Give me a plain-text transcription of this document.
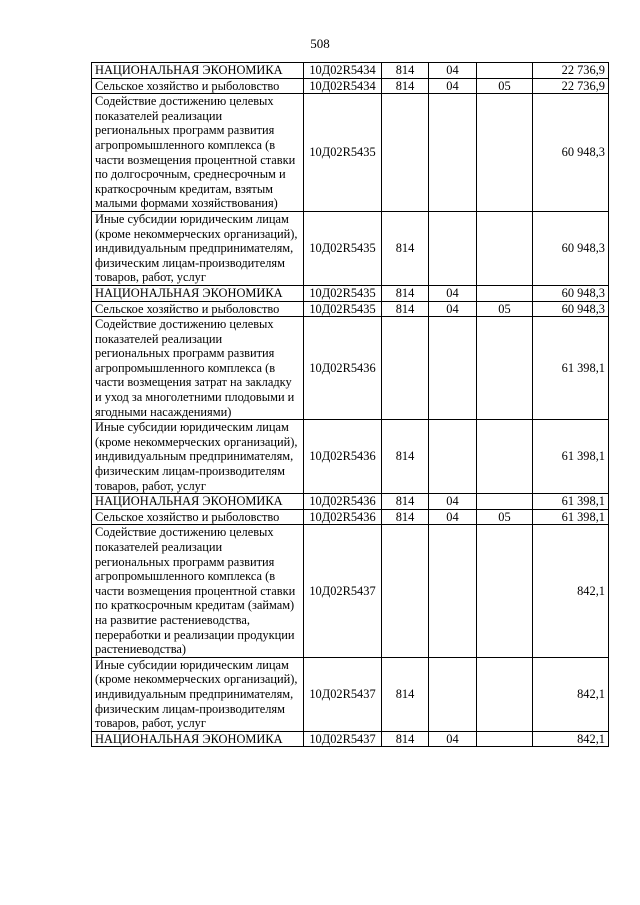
508
НАЦИОНАЛЬНАЯ ЭКОНОМИКА	10Д02R5434	814	04		22 736,9
Сельское хозяйство и рыболовство	10Д02R5434	814	04	05	22 736,9
Содействие достижению целевых показателей реализации региональных программ развития агропромышленного комплекса (в части возмещения процентной ставки по долгосрочным, среднесрочным и краткосрочным кредитам, взятым малыми формами хозяйствования)	10Д02R5435				60 948,3
Иные субсидии юридическим лицам (кроме некоммерческих организаций), индивидуальным предпринимателям, физическим лицам-производителям товаров, работ, услуг	10Д02R5435	814			60 948,3
НАЦИОНАЛЬНАЯ ЭКОНОМИКА	10Д02R5435	814	04		60 948,3
Сельское хозяйство и рыболовство	10Д02R5435	814	04	05	60 948,3
Содействие достижению целевых показателей реализации региональных программ развития агропромышленного комплекса (в части возмещения затрат на закладку и уход за многолетними плодовыми и ягодными насаждениями)	10Д02R5436				61 398,1
Иные субсидии юридическим лицам (кроме некоммерческих организаций), индивидуальным предпринимателям, физическим лицам-производителям товаров, работ, услуг	10Д02R5436	814			61 398,1
НАЦИОНАЛЬНАЯ ЭКОНОМИКА	10Д02R5436	814	04		61 398,1
Сельское хозяйство и рыболовство	10Д02R5436	814	04	05	61 398,1
Содействие достижению целевых показателей реализации региональных программ развития агропромышленного комплекса (в части возмещения процентной ставки по краткосрочным кредитам (займам) на развитие растениеводства, переработки и реализации продукции растениеводства)	10Д02R5437				842,1
Иные субсидии юридическим лицам (кроме некоммерческих организаций), индивидуальным предпринимателям, физическим лицам-производителям товаров, работ, услуг	10Д02R5437	814			842,1
НАЦИОНАЛЬНАЯ ЭКОНОМИКА	10Д02R5437	814	04		842,1
